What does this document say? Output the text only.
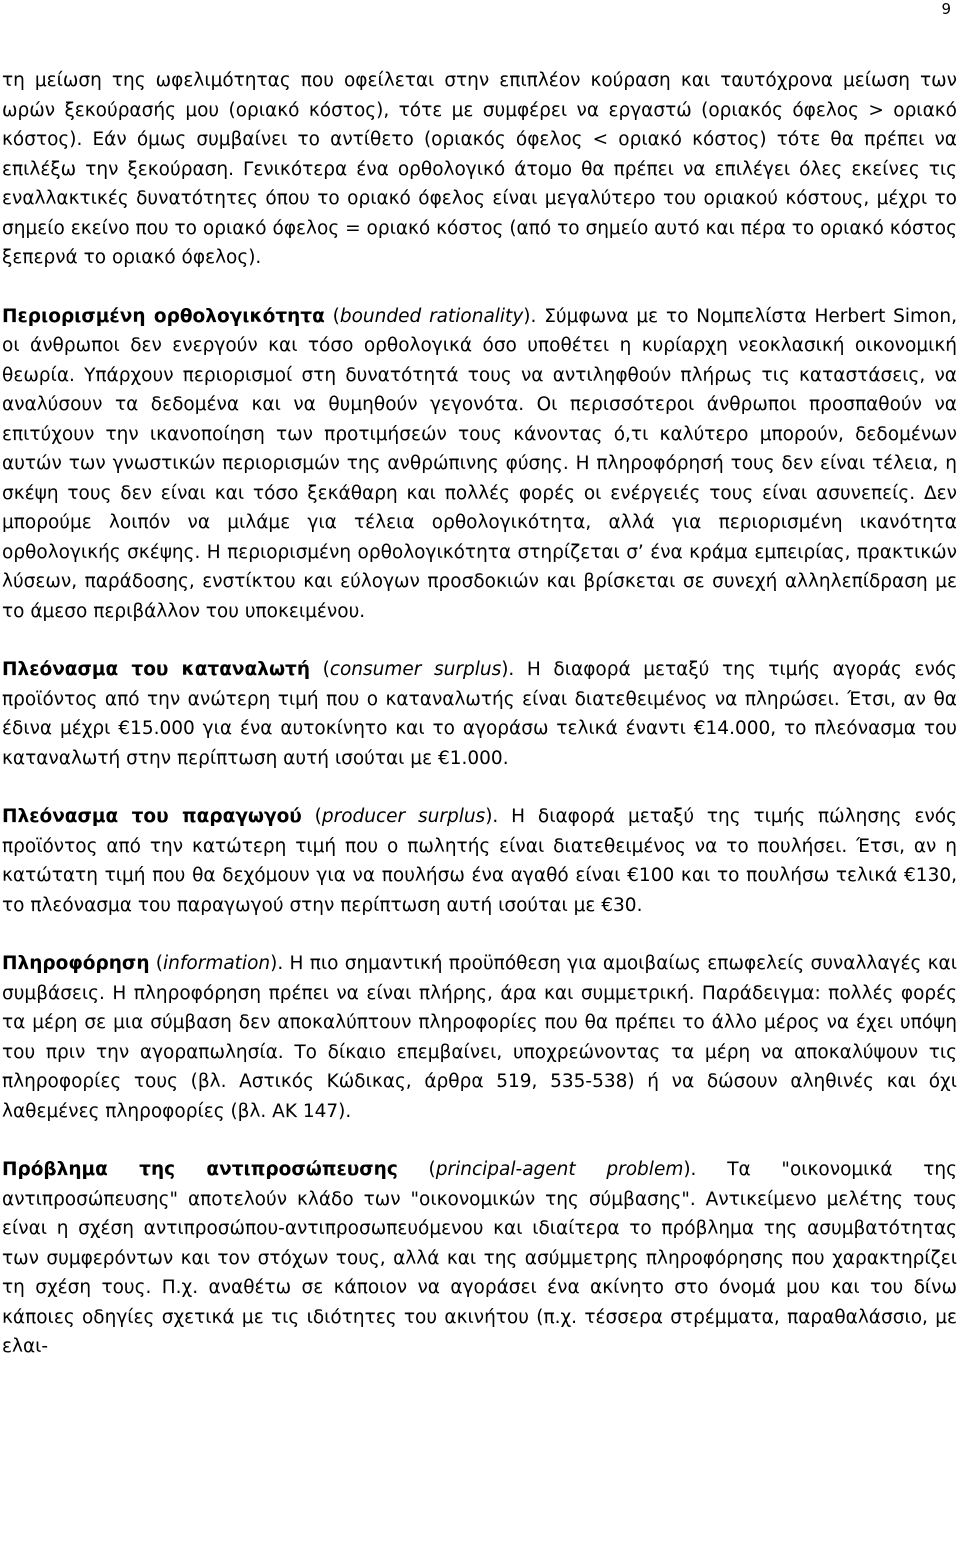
9

τη μείωση της ωφελιμότητας που οφείλεται στην επιπλέον κούραση και ταυτόχρονα μείωση των ωρών ξεκούρασής μου (οριακό κόστος), τότε με συμφέρει να εργαστώ (οριακός όφελος > οριακό κόστος). Εάν όμως συμβαίνει το αντίθετο (οριακός όφελος < οριακό κόστος) τότε θα πρέπει να επιλέξω την ξεκούραση. Γενικότερα ένα ορθολογικό άτομο θα πρέπει να επιλέγει όλες εκείνες τις εναλλακτικές δυνατότητες όπου το οριακό όφελος είναι μεγαλύτερο του οριακού κόστους, μέχρι το σημείο εκείνο που το οριακό όφελος = οριακό κόστος (από το σημείο αυτό και πέρα το οριακό κόστος ξεπερνά το οριακό όφελος).

Περιορισμένη ορθολογικότητα (bounded rationality). Σύμφωνα με το Νομπελίστα Herbert Simon, οι άνθρωποι δεν ενεργούν και τόσο ορθολογικά όσο υποθέτει η κυρίαρχη νεοκλασική οικονομική θεωρία. Υπάρχουν περιορισμοί στη δυνατότητά τους να αντιληφθούν πλήρως τις καταστάσεις, να αναλύσουν τα δεδομένα και να θυμηθούν γεγονότα. Οι περισσότεροι άνθρωποι προσπαθούν να επιτύχουν την ικανοποίηση των προτιμήσεών τους κάνοντας ό,τι καλύτερο μπορούν, δεδομένων αυτών των γνωστικών περιορισμών της ανθρώπινης φύσης. Η πληροφόρησή τους δεν είναι τέλεια, η σκέψη τους δεν είναι και τόσο ξεκάθαρη και πολλές φορές οι ενέργειές τους είναι ασυνεπείς. Δεν μπορούμε λοιπόν να μιλάμε για τέλεια ορθολογικότητα, αλλά για περιορισμένη ικανότητα ορθολογικής σκέψης. Η περιορισμένη ορθολογικότητα στηρίζεται σ’ ένα κράμα εμπειρίας, πρακτικών λύσεων, παράδοσης, ενστίκτου και εύλογων προσδοκιών και βρίσκεται σε συνεχή αλληλεπίδραση με το άμεσο περιβάλλον του υποκειμένου.

Πλεόνασμα του καταναλωτή (consumer surplus). Η διαφορά μεταξύ της τιμής αγοράς ενός προϊόντος από την ανώτερη τιμή που ο καταναλωτής είναι διατεθειμένος να πληρώσει. Έτσι, αν θα έδινα μέχρι €15.000 για ένα αυτοκίνητο και το αγοράσω τελικά έναντι €14.000, το πλεόνασμα του καταναλωτή στην περίπτωση αυτή ισούται με €1.000.

Πλεόνασμα του παραγωγού (producer surplus). Η διαφορά μεταξύ της τιμής πώλησης ενός προϊόντος από την κατώτερη τιμή που ο πωλητής είναι διατεθειμένος να το πουλήσει. Έτσι, αν η κατώτατη τιμή που θα δεχόμουν για να πουλήσω ένα αγαθό είναι €100 και το πουλήσω τελικά €130, το πλεόνασμα του παραγωγού στην περίπτωση αυτή ισούται με €30.

Πληροφόρηση (information). Η πιο σημαντική προϋπόθεση για αμοιβαίως επωφελείς συναλλαγές και συμβάσεις. Η πληροφόρηση πρέπει να είναι πλήρης, άρα και συμμετρική. Παράδειγμα: πολλές φορές τα μέρη σε μια σύμβαση δεν αποκαλύπτουν πληροφορίες που θα πρέπει το άλλο μέρος να έχει υπόψη του πριν την αγοραπωλησία. Το δίκαιο επεμβαίνει, υποχρεώνοντας τα μέρη να αποκαλύψουν τις πληροφορίες τους (βλ. Αστικός Κώδικας, άρθρα 519, 535-538) ή να δώσουν αληθινές και όχι λαθεμένες πληροφορίες (βλ. ΑΚ 147).

Πρόβλημα της αντιπροσώπευσης (principal-agent problem). Τα "οικονομικά της αντιπροσώπευσης" αποτελούν κλάδο των "οικονομικών της σύμβασης". Αντικείμενο μελέτης τους είναι η σχέση αντιπροσώπου-αντιπροσωπευόμενου και ιδιαίτερα το πρόβλημα της ασυμβατότητας των συμφερόντων και τον στόχων τους, αλλά και της ασύμμετρης πληροφόρησης που χαρακτηρίζει τη σχέση τους. Π.χ. αναθέτω σε κάποιον να αγοράσει ένα ακίνητο στο όνομά μου και του δίνω κάποιες οδηγίες σχετικά με τις ιδιότητες του ακινήτου (π.χ. τέσσερα στρέμματα, παραθαλάσσιο, με ελαι-
